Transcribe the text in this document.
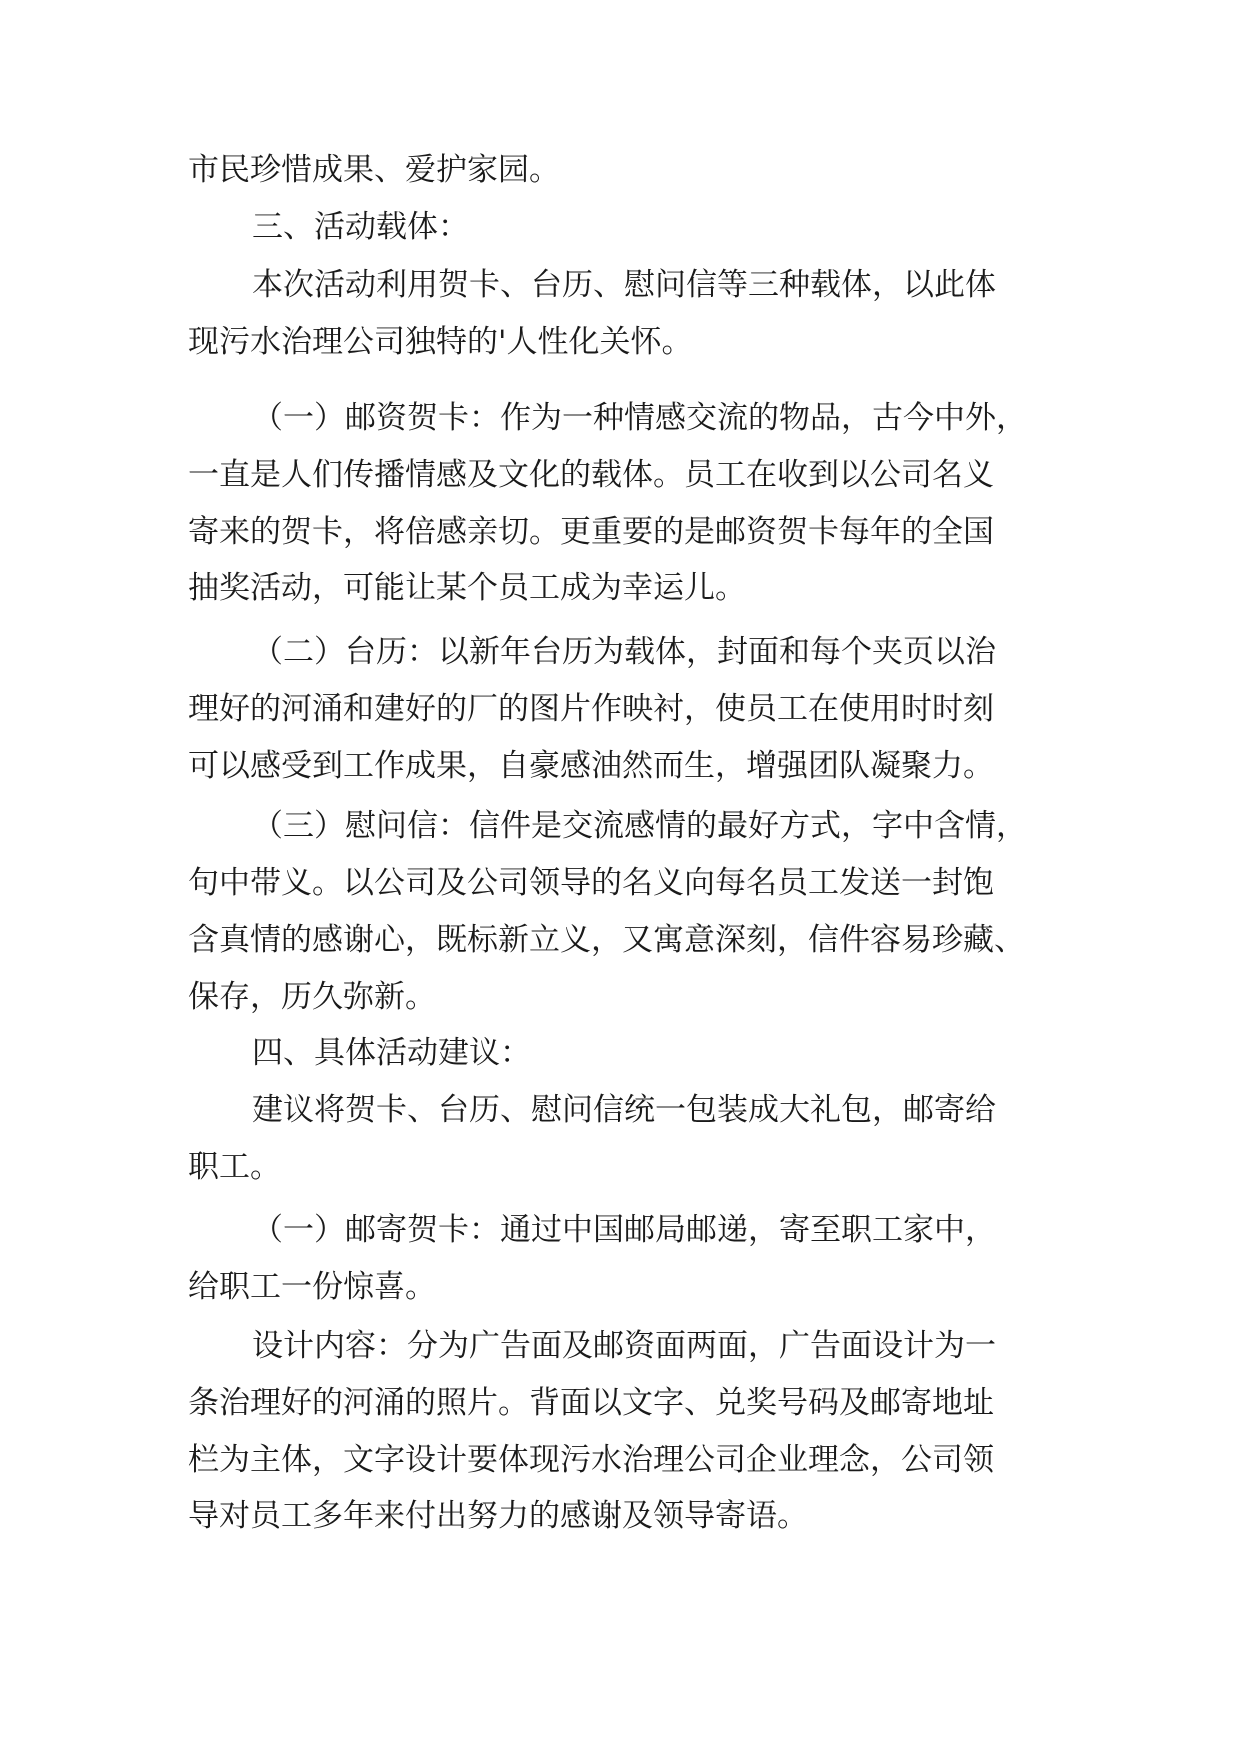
市民珍惜成果、爱护家园。
三、活动载体：
本次活动利用贺卡、台历、慰问信等三种载体，以此体
现污水治理公司独特的'人性化关怀。
（一）邮资贺卡：作为一种情感交流的物品，古今中外，
一直是人们传播情感及文化的载体。员工在收到以公司名义
寄来的贺卡，将倍感亲切。更重要的是邮资贺卡每年的全国
抽奖活动，可能让某个员工成为幸运儿。
（二）台历：以新年台历为载体，封面和每个夹页以治
理好的河涌和建好的厂的图片作映衬，使员工在使用时时刻
可以感受到工作成果，自豪感油然而生，增强团队凝聚力。
（三）慰问信：信件是交流感情的最好方式，字中含情，
句中带义。以公司及公司领导的名义向每名员工发送一封饱
含真情的感谢心，既标新立义，又寓意深刻，信件容易珍藏、
保存，历久弥新。
四、具体活动建议：
建议将贺卡、台历、慰问信统一包装成大礼包，邮寄给
职工。
（一）邮寄贺卡：通过中国邮局邮递，寄至职工家中，
给职工一份惊喜。
设计内容：分为广告面及邮资面两面，广告面设计为一
条治理好的河涌的照片。背面以文字、兑奖号码及邮寄地址
栏为主体，文字设计要体现污水治理公司企业理念，公司领
导对员工多年来付出努力的感谢及领导寄语。
